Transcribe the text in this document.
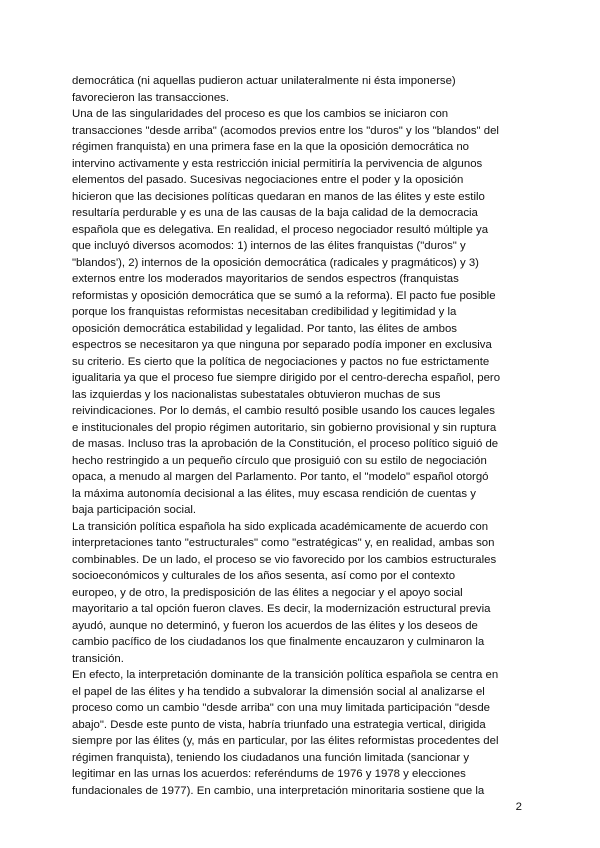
democrática (ni aquellas pudieron actuar unilateralmente ni ésta imponerse)
favorecieron las transacciones.
Una de las singularidades del proceso es que los cambios se iniciaron con
transacciones "desde arriba" (acomodos previos entre los "duros" y los "blandos" del
régimen franquista) en una primera fase en la que la oposición democrática no
intervino activamente y esta restricción inicial permitiría la pervivencia de algunos
elementos del pasado. Sucesivas negociaciones entre el poder y la oposición
hicieron que las decisiones políticas quedaran en manos de las élites y este estilo
resultaría perdurable y es una de las causas de la baja calidad de la democracia
española que es delegativa. En realidad, el proceso negociador resultó múltiple ya
que incluyó diversos acomodos: 1) internos de las élites franquistas ("duros" y
"blandos'), 2) internos de la oposición democrática (radicales y pragmáticos) y 3)
externos entre los moderados mayoritarios de sendos espectros (franquistas
reformistas y oposición democrática que se sumó a la reforma). El pacto fue posible
porque los franquistas reformistas necesitaban credibilidad y legitimidad y la
oposición democrática estabilidad y legalidad. Por tanto, las élites de ambos
espectros se necesitaron ya que ninguna por separado podía imponer en exclusiva
su criterio. Es cierto que la política de negociaciones y pactos no fue estrictamente
igualitaria ya que el proceso fue siempre dirigido por el centro-derecha español, pero
las izquierdas y los nacionalistas subestatales obtuvieron muchas de sus
reivindicaciones. Por lo demás, el cambio resultó posible usando los cauces legales
e institucionales del propio régimen autoritario, sin gobierno provisional y sin ruptura
de masas. Incluso tras la aprobación de la Constitución, el proceso político siguió de
hecho restringido a un pequeño círculo que prosiguió con su estilo de negociación
opaca, a menudo al margen del Parlamento. Por tanto, el "modelo" español otorgó
la máxima autonomía decisional a las élites, muy escasa rendición de cuentas y
baja participación social.
La transición política española ha sido explicada académicamente de acuerdo con
interpretaciones tanto "estructurales" como "estratégicas" y, en realidad, ambas son
combinables. De un lado, el proceso se vio favorecido por los cambios estructurales
socioeconómicos y culturales de los años sesenta, así como por el contexto
europeo, y de otro, la predisposición de las élites a negociar y el apoyo social
mayoritario a tal opción fueron claves. Es decir, la modernización estructural previa
ayudó, aunque no determinó, y fueron los acuerdos de las élites y los deseos de
cambio pacífico de los ciudadanos los que finalmente encauzaron y culminaron la
transición.
En efecto, la interpretación dominante de la transición política española se centra en
el papel de las élites y ha tendido a subvalorar la dimensión social al analizarse el
proceso como un cambio "desde arriba" con una muy limitada participación "desde
abajo". Desde este punto de vista, habría triunfado una estrategia vertical, dirigida
siempre por las élites (y, más en particular, por las élites reformistas procedentes del
régimen franquista), teniendo los ciudadanos una función limitada (sancionar y
legitimar en las urnas los acuerdos: referéndums de 1976 y 1978 y elecciones
fundacionales de 1977). En cambio, una interpretación minoritaria sostiene que la
2
